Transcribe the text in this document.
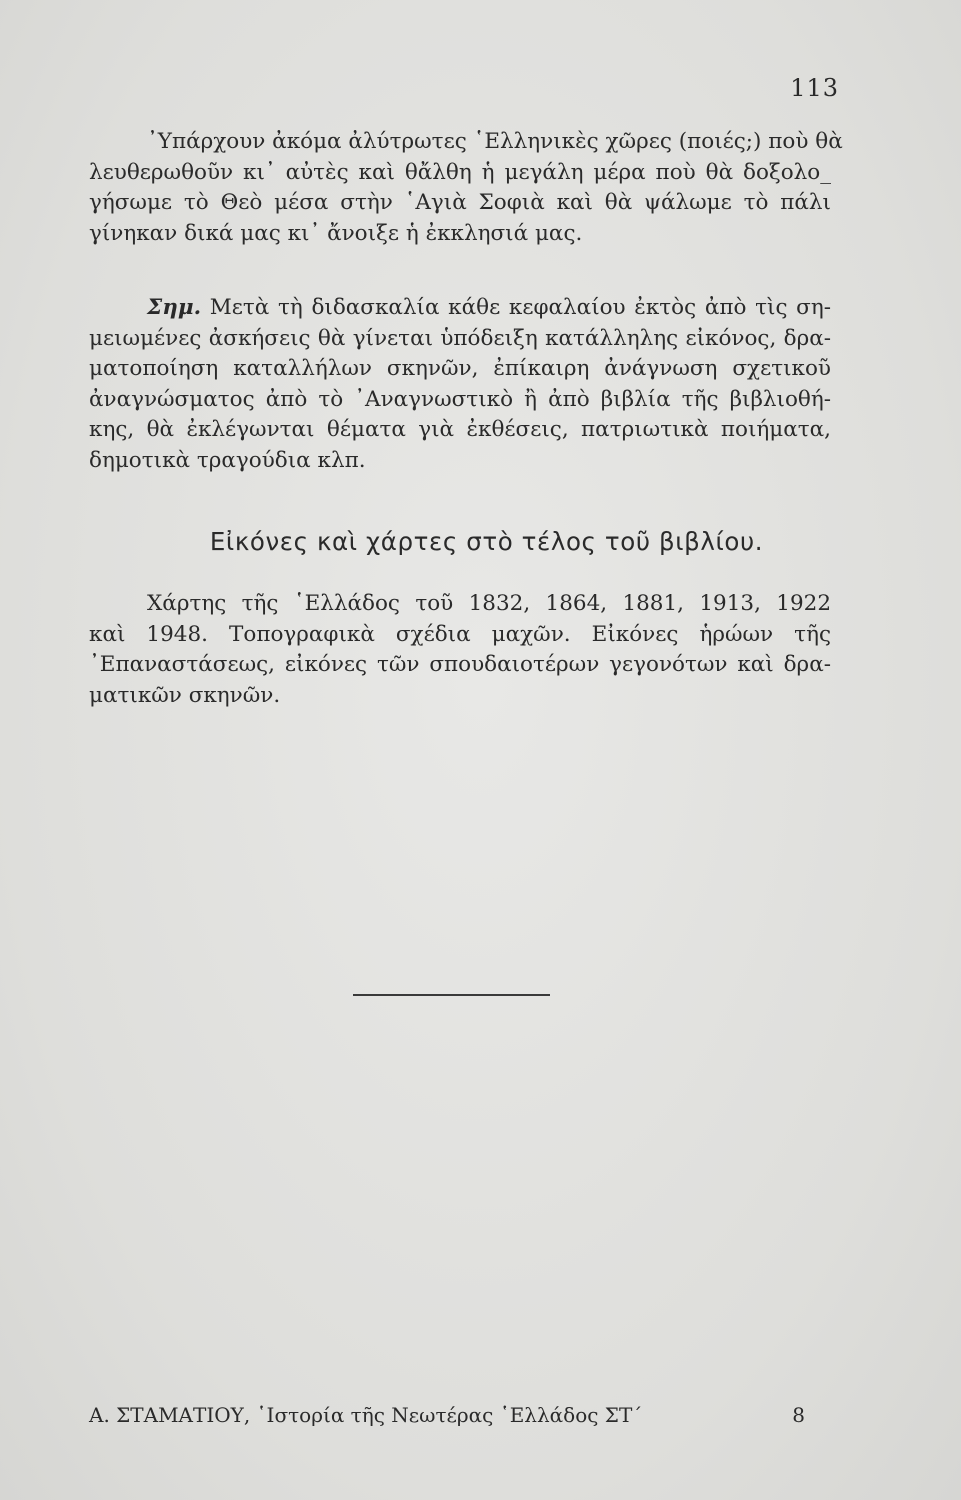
113
᾿Υπάρχουν ἀκόμα ἀλύτρωτες ῾Ελληνικὲς χῶρες (ποιές;) ποὺ θὰ
λευθερωθοῦν κι᾿ αὐτὲς καὶ θἄλθη ἡ μεγάλη μέρα ποὺ θὰ δοξολο_
γήσωμε τὸ Θεὸ μέσα στὴν ῾Αγιὰ Σοφιὰ καὶ θὰ ψάλωμε τὸ πάλι
γίνηκαν δικά μας κι᾿ ἄνοιξε ἡ ἐκκλησιά μας.
Σημ. Μετὰ τὴ διδασκαλία κάθε κεφαλαίου ἐκτὸς ἀπὸ τὶς ση-
μειωμένες ἀσκήσεις θὰ γίνεται ὑπόδειξη κατάλληλης εἰκόνος, δρα-
ματοποίηση καταλλήλων σκηνῶν, ἐπίκαιρη ἀνάγνωση σχετικοῦ
ἀναγνώσματος ἀπὸ τὸ ᾿Αναγνωστικὸ ἢ ἀπὸ βιβλία τῆς βιβλιοθή-
κης, θὰ ἐκλέγωνται θέματα γιὰ ἐκθέσεις, πατριωτικὰ ποιήματα,
δημοτικὰ τραγούδια κλπ.
Εἰκόνες καὶ χάρτες στὸ τέλος τοῦ βιβλίου.
Χάρτης τῆς ῾Ελλάδος τοῦ 1832, 1864, 1881, 1913, 1922
καὶ 1948. Τοπογραφικὰ σχέδια μαχῶν. Εἰκόνες ἡρώων τῆς
᾿Επαναστάσεως, εἰκόνες τῶν σπουδαιοτέρων γεγονότων καὶ δρα-
ματικῶν σκηνῶν.
Α. ΣΤΑΜΑΤΙΟΥ, ῾Ιστορία τῆς Νεωτέρας ῾Ελλάδος ΣΤ΄	8
